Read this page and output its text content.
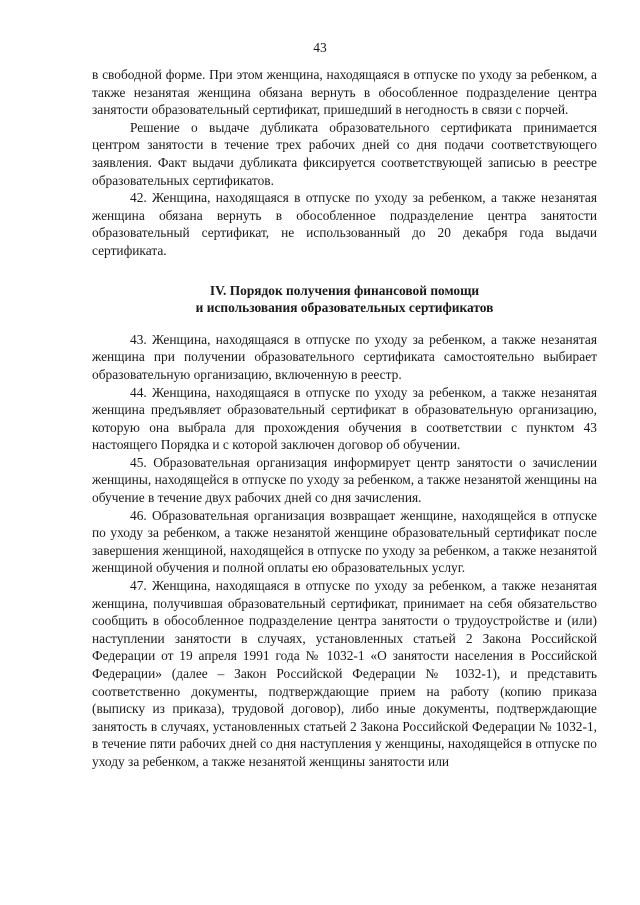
43

в свободной форме. При этом женщина, находящаяся в отпуске по уходу за ребенком, а также незанятая женщина обязана вернуть в обособленное подразделение центра занятости образовательный сертификат, пришедший в негодность в связи с порчей.

Решение о выдаче дубликата образовательного сертификата принимается центром занятости в течение трех рабочих дней со дня подачи соответствующего заявления. Факт выдачи дубликата фиксируется соответствующей записью в реестре образовательных сертификатов.

42. Женщина, находящаяся в отпуске по уходу за ребенком, а также незанятая женщина обязана вернуть в обособленное подразделение центра занятости образовательный сертификат, не использованный до 20 декабря года выдачи сертификата.

IV. Порядок получения финансовой помощи
и использования образовательных сертификатов

43. Женщина, находящаяся в отпуске по уходу за ребенком, а также незанятая женщина при получении образовательного сертификата самостоятельно выбирает образовательную организацию, включенную в реестр.

44. Женщина, находящаяся в отпуске по уходу за ребенком, а также незанятая женщина предъявляет образовательный сертификат в образовательную организацию, которую она выбрала для прохождения обучения в соответствии с пунктом 43 настоящего Порядка и с которой заключен договор об обучении.

45. Образовательная организация информирует центр занятости о зачислении женщины, находящейся в отпуске по уходу за ребенком, а также незанятой женщины на обучение в течение двух рабочих дней со дня зачисления.

46. Образовательная организация возвращает женщине, находящейся в отпуске по уходу за ребенком, а также незанятой женщине образовательный сертификат после завершения женщиной, находящейся в отпуске по уходу за ребенком, а также незанятой женщиной обучения и полной оплаты ею образовательных услуг.

47. Женщина, находящаяся в отпуске по уходу за ребенком, а также незанятая женщина, получившая образовательный сертификат, принимает на себя обязательство сообщить в обособленное подразделение центра занятости о трудоустройстве и (или) наступлении занятости в случаях, установленных статьей 2 Закона Российской Федерации от 19 апреля 1991 года № 1032-1 «О занятости населения в Российской Федерации» (далее – Закон Российской Федерации № 1032-1), и представить соответственно документы, подтверждающие прием на работу (копию приказа (выписку из приказа), трудовой договор), либо иные документы, подтверждающие занятость в случаях, установленных статьей 2 Закона Российской Федерации № 1032-1, в течение пяти рабочих дней со дня наступления у женщины, находящейся в отпуске по уходу за ребенком, а также незанятой женщины занятости или
